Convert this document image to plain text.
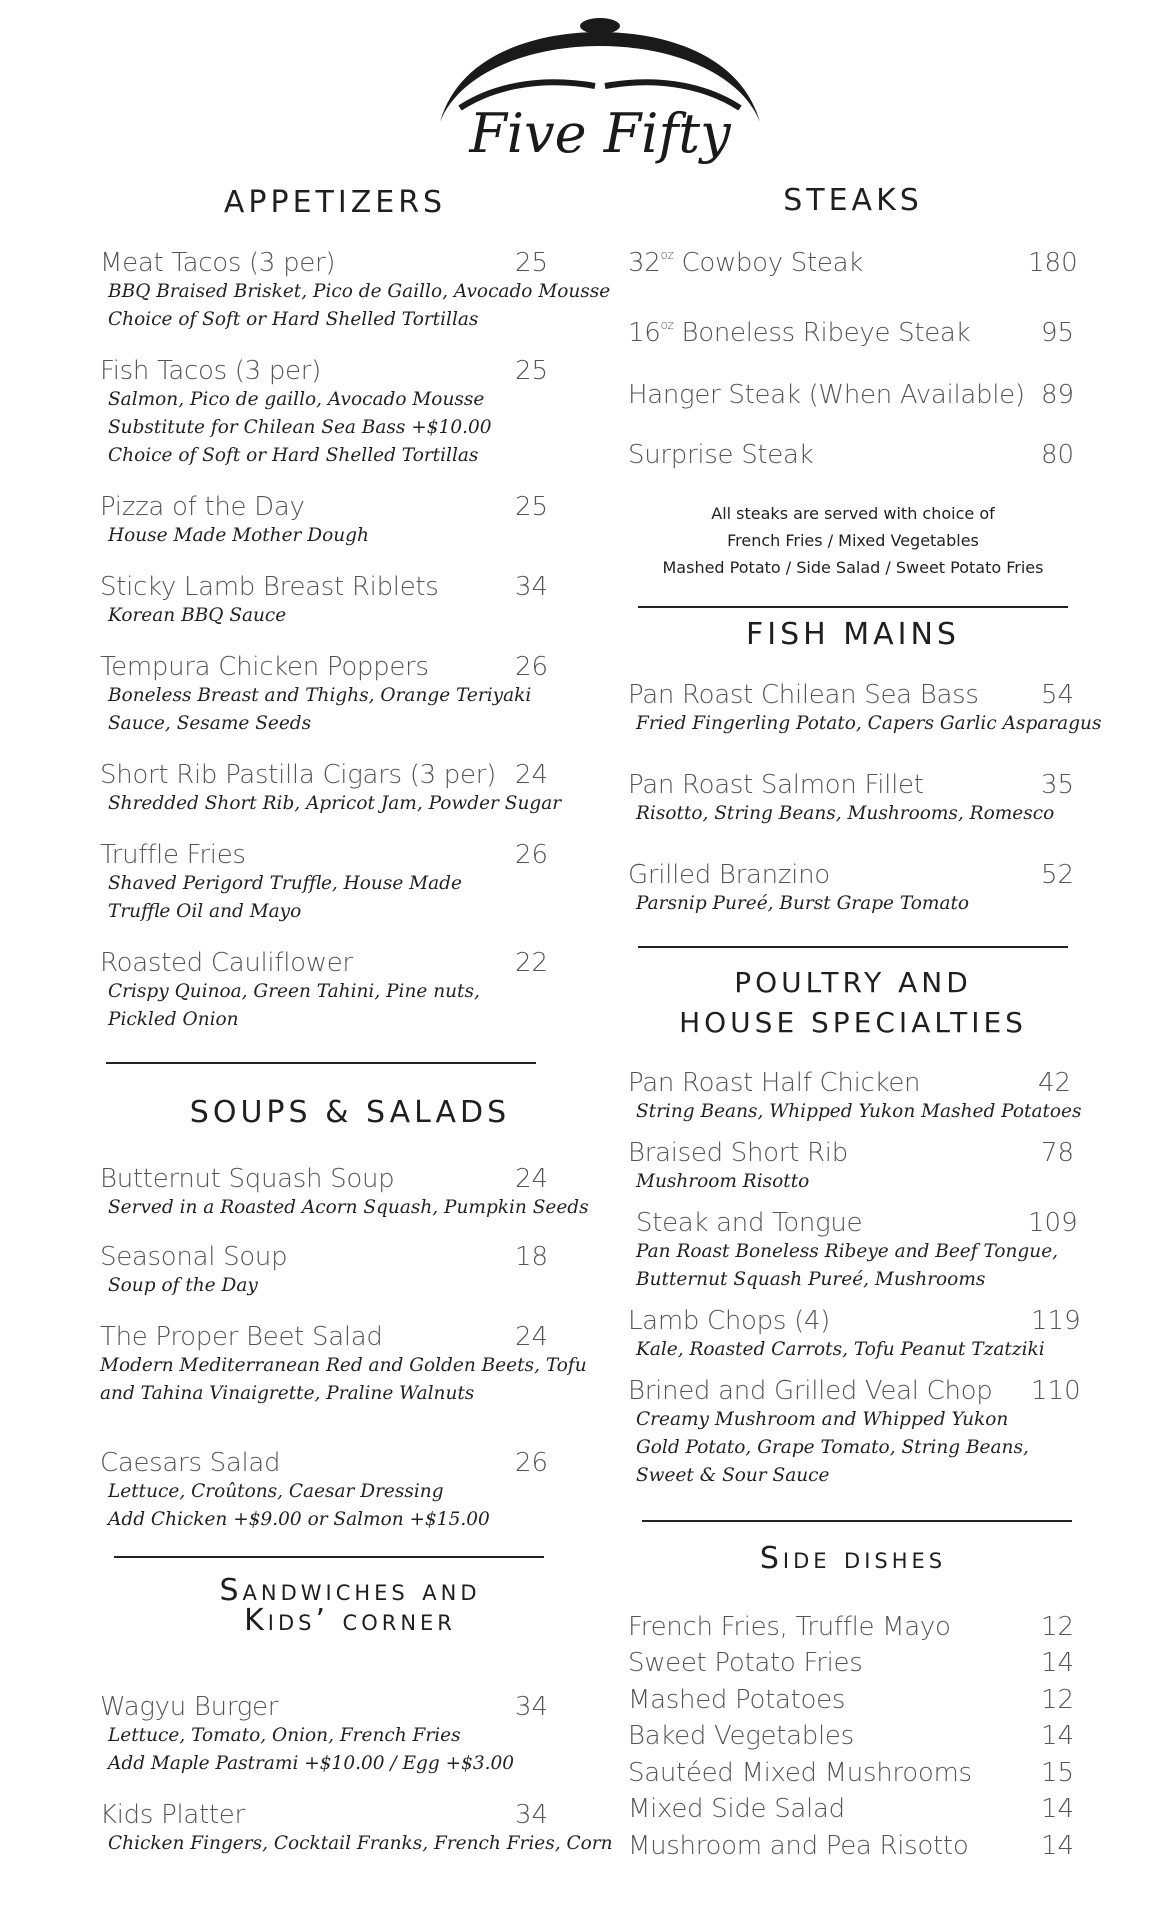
Five Fifty
APPETIZERS
Meat Tacos (3 per)	25
BBQ Braised Brisket, Pico de Gaillo, Avocado Mousse
Choice of Soft or Hard Shelled Tortillas
Fish Tacos (3 per)	25
Salmon, Pico de gaillo, Avocado Mousse
Substitute for Chilean Sea Bass +$10.00
Choice of Soft or Hard Shelled Tortillas
Pizza of the Day	25
House Made Mother Dough
Sticky Lamb Breast Riblets	34
Korean BBQ Sauce
Tempura Chicken Poppers	26
Boneless Breast and Thighs, Orange Teriyaki
Sauce, Sesame Seeds
Short Rib Pastilla Cigars (3 per) 24
Shredded Short Rib, Apricot Jam, Powder Sugar
Truffle Fries	26
Shaved Perigord Truffle, House Made
Truffle Oil and Mayo
Roasted Cauliflower	22
Crispy Quinoa, Green Tahini, Pine nuts,
Pickled Onion
SOUPS & SALADS
Butternut Squash Soup	24
Served in a Roasted Acorn Squash, Pumpkin Seeds
Seasonal Soup	18
Soup of the Day
The Proper Beet Salad	24
Modern Mediterranean Red and Golden Beets, Tofu
and Tahina Vinaigrette, Praline Walnuts
Caesars Salad	26
Lettuce, Croûtons, Caesar Dressing
Add Chicken +$9.00 or Salmon +$15.00
Sandwiches and
Kids’ corner
Wagyu Burger	34
Lettuce, Tomato, Onion, French Fries
Add Maple Pastrami +$10.00 / Egg +$3.00
Kids Platter	34
Chicken Fingers, Cocktail Franks, French Fries, Corn
STEAKS
$32^{oz}$ Cowboy Steak	180
$16^{oz}$ Boneless Ribeye Steak	95
Hanger Steak (When Available) 89
Surprise Steak	80
All steaks are served with choice of
French Fries / Mixed Vegetables
Mashed Potato / Side Salad / Sweet Potato Fries
FISH MAINS
Pan Roast Chilean Sea Bass	54
Fried Fingerling Potato, Capers Garlic Asparagus
Pan Roast Salmon Fillet	35
Risotto, String Beans, Mushrooms, Romesco
Grilled Branzino	52
Parsnip Pureé, Burst Grape Tomato
POULTRY AND
HOUSE SPECIALTIES
Pan Roast Half Chicken	42
String Beans, Whipped Yukon Mashed Potatoes
Braised Short Rib	78
Mushroom Risotto
Steak and Tongue	109
Pan Roast Boneless Ribeye and Beef Tongue,
Butternut Squash Pureé, Mushrooms
Lamb Chops (4)	119
Kale, Roasted Carrots, Tofu Peanut Tzatziki
Brined and Grilled Veal Chop	110
Creamy Mushroom and Whipped Yukon
Gold Potato, Grape Tomato, String Beans,
Sweet & Sour Sauce
Side dishes
French Fries, Truffle Mayo	12
Sweet Potato Fries	14
Mashed Potatoes	12
Baked Vegetables	14
Sautéed Mixed Mushrooms	15
Mixed Side Salad	14
Mushroom and Pea Risotto	14
